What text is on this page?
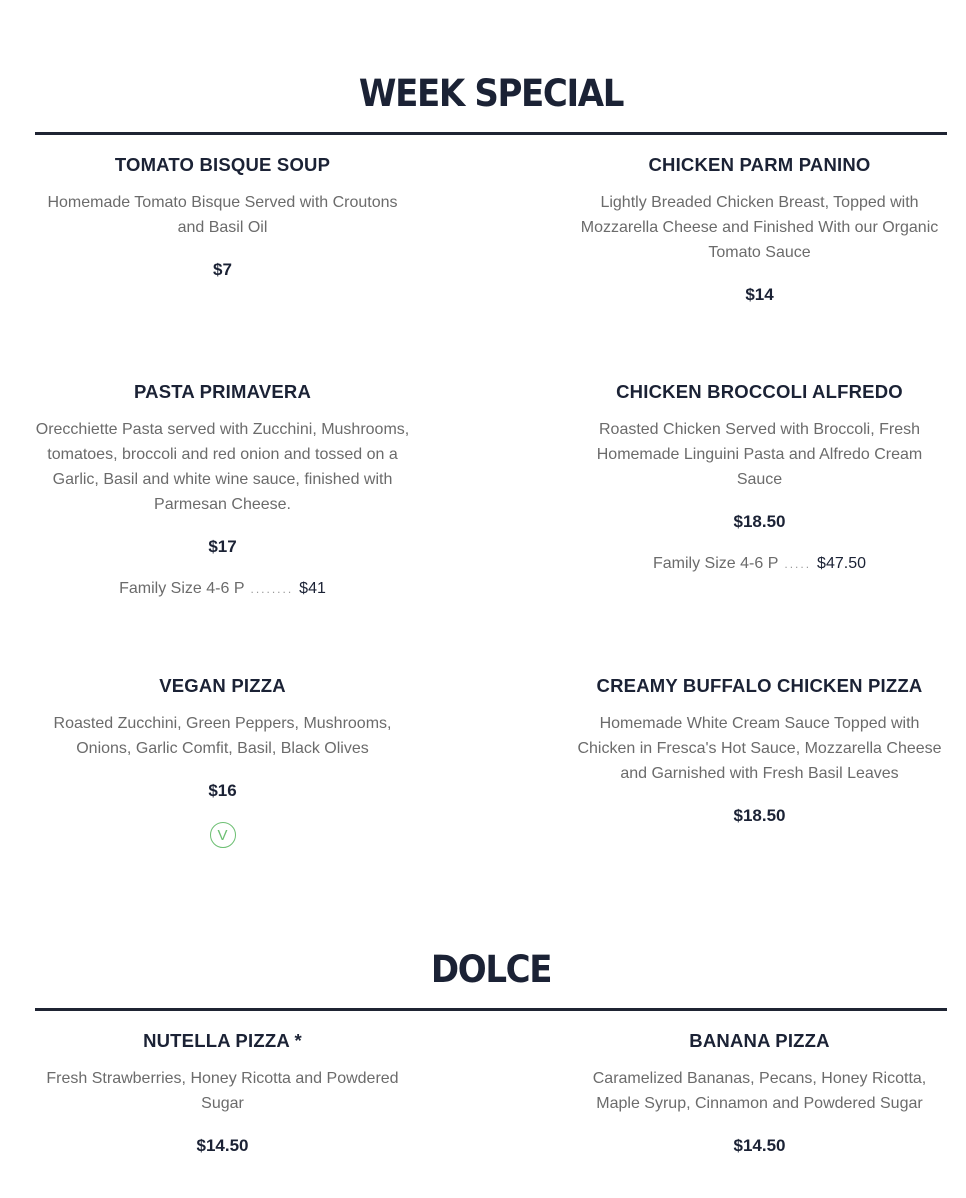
WEEK SPECIAL
TOMATO BISQUE SOUP
Homemade Tomato Bisque Served with Croutons and Basil Oil
$7
CHICKEN PARM PANINO
Lightly Breaded Chicken Breast, Topped with Mozzarella Cheese and Finished With our Organic Tomato Sauce
$14
PASTA PRIMAVERA
Orecchiette Pasta served with Zucchini, Mushrooms, tomatoes, broccoli and red onion and tossed on a Garlic, Basil and white wine sauce, finished with Parmesan Cheese.
$17
Family Size 4-6 P ........ $41
CHICKEN BROCCOLI ALFREDO
Roasted Chicken Served with Broccoli, Fresh Homemade Linguini Pasta and Alfredo Cream Sauce
$18.50
Family Size 4-6 P ..... $47.50
VEGAN PIZZA
Roasted Zucchini, Green Peppers, Mushrooms, Onions, Garlic Comfit, Basil, Black Olives
$16
V
CREAMY BUFFALO CHICKEN PIZZA
Homemade White Cream Sauce Topped with Chicken in Fresca's Hot Sauce, Mozzarella Cheese and Garnished with Fresh Basil Leaves
$18.50
DOLCE
NUTELLA PIZZA *
Fresh Strawberries, Honey Ricotta and Powdered Sugar
$14.50
BANANA PIZZA
Caramelized Bananas, Pecans, Honey Ricotta, Maple Syrup, Cinnamon and Powdered Sugar
$14.50
